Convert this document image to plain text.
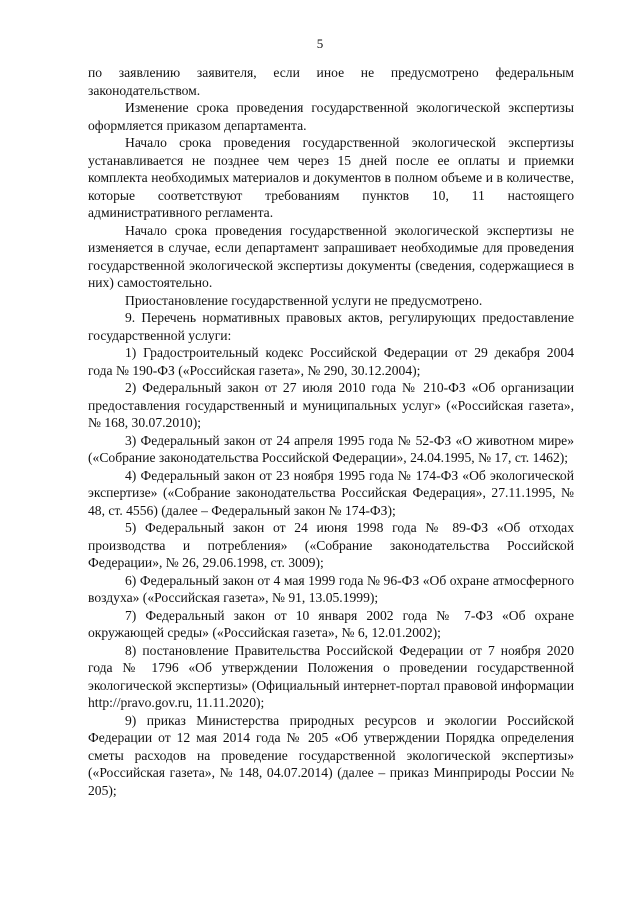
5

по заявлению заявителя, если иное не предусмотрено федеральным законодательством.

Изменение срока проведения государственной экологической экспертизы оформляется приказом департамента.

Начало срока проведения государственной экологической экспертизы устанавливается не позднее чем через 15 дней после ее оплаты и приемки комплекта необходимых материалов и документов в полном объеме и в количестве, которые соответствуют требованиям пунктов 10, 11 настоящего административного регламента.

Начало срока проведения государственной экологической экспертизы не изменяется в случае, если департамент запрашивает необходимые для проведения государственной экологической экспертизы документы (сведения, содержащиеся в них) самостоятельно.

Приостановление государственной услуги не предусмотрено.

9. Перечень нормативных правовых актов, регулирующих предоставление государственной услуги:

1) Градостроительный кодекс Российской Федерации от 29 декабря 2004 года № 190-ФЗ («Российская газета», № 290, 30.12.2004);

2) Федеральный закон от 27 июля 2010 года № 210-ФЗ «Об организации предоставления государственный и муниципальных услуг» («Российская газета», № 168, 30.07.2010);

3) Федеральный закон от 24 апреля 1995 года № 52-ФЗ «О животном мире» («Собрание законодательства Российской Федерации», 24.04.1995, № 17, ст. 1462);

4) Федеральный закон от 23 ноября 1995 года № 174-ФЗ «Об экологической экспертизе» («Собрание законодательства Российская Федерация», 27.11.1995, № 48, ст. 4556) (далее – Федеральный закон № 174-ФЗ);

5) Федеральный закон от 24 июня 1998 года № 89-ФЗ «Об отходах производства и потребления» («Собрание законодательства Российской Федерации», № 26, 29.06.1998, ст. 3009);

6) Федеральный закон от 4 мая 1999 года № 96-ФЗ «Об охране атмосферного воздуха» («Российская газета», № 91, 13.05.1999);

7) Федеральный закон от 10 января 2002 года № 7-ФЗ «Об охране окружающей среды» («Российская газета», № 6, 12.01.2002);

8) постановление Правительства Российской Федерации от 7 ноября 2020 года № 1796 «Об утверждении Положения о проведении государственной экологической экспертизы» (Официальный интернет-портал правовой информации http://pravo.gov.ru, 11.11.2020);

9) приказ Министерства природных ресурсов и экологии Российской Федерации от 12 мая 2014 года № 205 «Об утверждении Порядка определения сметы расходов на проведение государственной экологической экспертизы» («Российская газета», № 148, 04.07.2014) (далее – приказ Минприроды России № 205);
